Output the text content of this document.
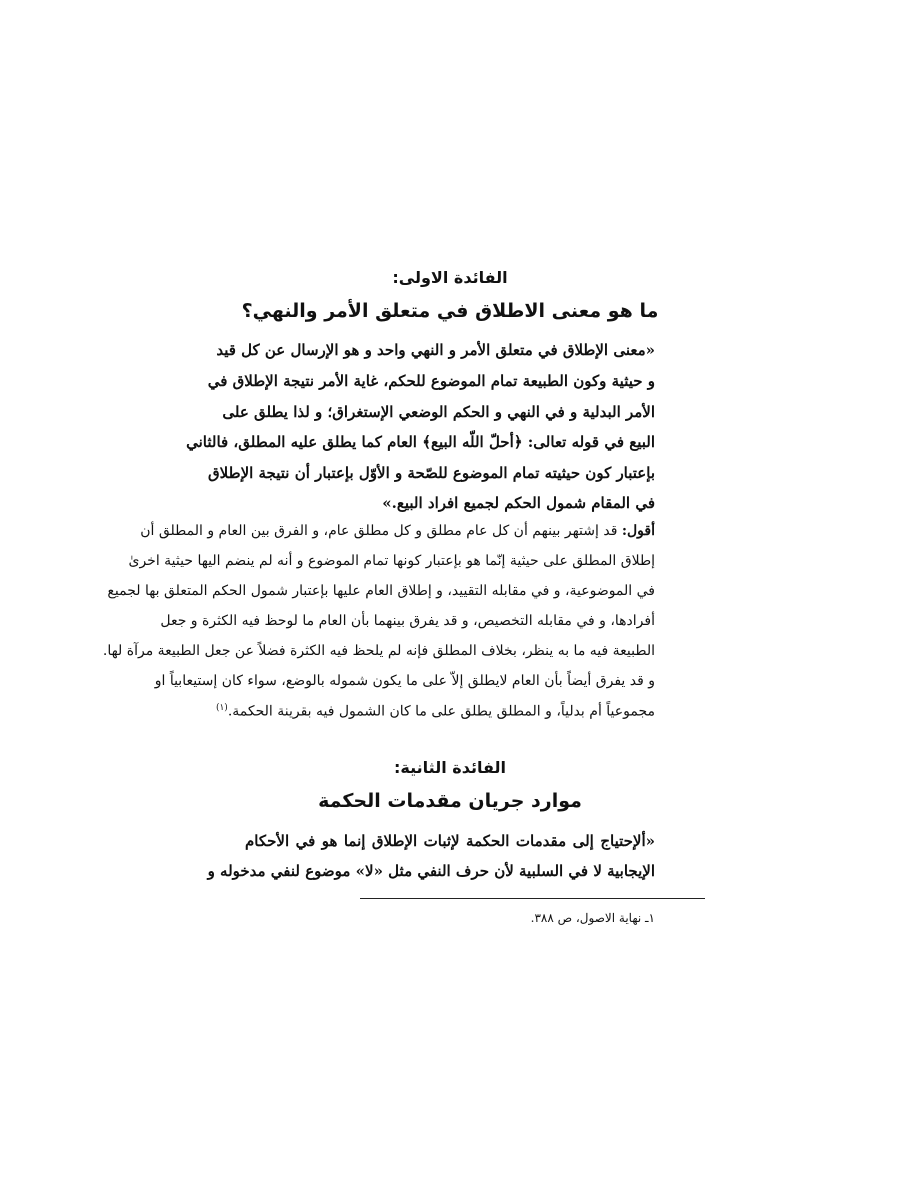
الفائدة الاولى:
ما هو معنى الاطلاق في متعلق الأمر والنهي؟
«معنى الإطلاق في متعلق الأمر و النهي واحد و هو الإرسال عن كل قيد
و حيثية وكون الطبيعة تمام الموضوع للحكم، غاية الأمر نتيجة الإطلاق في
الأمر البدلية و في النهي و الحكم الوضعي الإستغراق؛ و لذا يطلق على
البيع في قوله تعالى: ﴿أحلّ اللّه البيع﴾ العام كما يطلق عليه المطلق، فالثاني
بإعتبار كون حيثيته تمام الموضوع للصّحة و الأوّل بإعتبار أن نتيجة الإطلاق
في المقام شمول الحكم لجميع افراد البيع.»
أقول: قد إشتهر بينهم أن كل عام مطلق و كل مطلق عام، و الفرق بين العام و المطلق أن
إطلاق المطلق على حيثية إنّما هو بإعتبار كونها تمام الموضوع و أنه لم ينضم اليها حيثية اخرىٰ
في الموضوعية، و في مقابله التقييد، و إطلاق العام عليها بإعتبار شمول الحكم المتعلق بها لجميع
أفرادها، و في مقابله التخصيص، و قد يفرق بينهما بأن العام ما لوحظ فيه الكثرة و جعل
الطبيعة فيه ما به ينظر، بخلاف المطلق فإنه لم يلحظ فيه الكثرة فضلاً عن جعل الطبيعة مرآة لها.
و قد يفرق أيضاً بأن العام لايطلق إلاّ على ما يكون شموله بالوضع، سواء كان إستيعابياً او
مجموعياً أم بدلياً، و المطلق يطلق على ما كان الشمول فيه بقرينة الحكمة.$^{(١)}$
الفائدة الثانية:
موارد جريان مقدمات الحكمة
«ألإحتياج إلى مقدمات الحكمة لإثبات الإطلاق إنما هو في الأحكام
الإيجابية لا في السلبية لأن حرف النفي مثل «لا» موضوع لنفي مدخوله و
١ـ نهاية الاصول، ص ٣٨٨.
